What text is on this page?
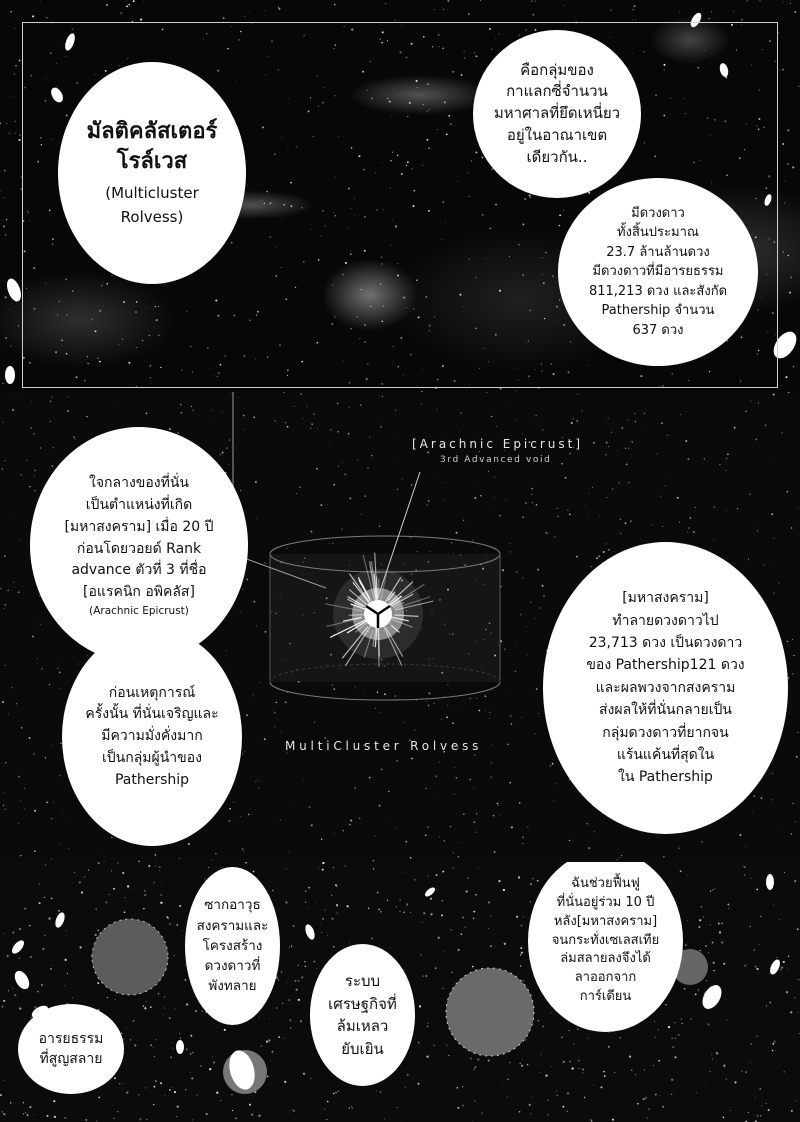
มัลติคลัสเตอร์
โรล์เวส
(Multicluster
Rolvess)
คือกลุ่มของ
กาแลกซี่จำนวน
มหาศาลที่ยึดเหนี่ยว
อยู่ในอาณาเขต
เดียวกัน..
มีดวงดาว
ทั้งสิ้นประมาณ
23.7 ล้านล้านดวง
มีดวงดาวที่มีอารยธรรม
811,213 ดวง และสังกัด
Pathership จำนวน
637 ดวง
[Arachnic Epicrust]
3rd Advanced void
MultiCluster Rolvess
ใจกลางของที่นั่น
เป็นตำแหน่งที่เกิด
[มหาสงคราม] เมื่อ 20 ปี
ก่อนโดยวอยด์ Rank
advance ตัวที่ 3 ที่ชื่อ
[อแรคนิก อพิคลัส]
(Arachnic Epicrust)
ก่อนเหตุการณ์
ครั้งนั้น ที่นั่นเจริญและ
มีความมั่งคั่งมาก
เป็นกลุ่มผู้นำของ
Pathership
[มหาสงคราม]
ทำลายดวงดาวไป
23,713 ดวง เป็นดวงดาว
ของ Pathership121 ดวง
และผลพวงจากสงคราม
ส่งผลให้ที่นั่นกลายเป็น
กลุ่มดวงดาวที่ยากจน
แร้นแค้นที่สุดใน
ใน Pathership
อารยธรรม
ที่สูญสลาย
ซากอาวุธ
สงครามและ
โครงสร้าง
ดวงดาวที่
พังทลาย	ระบบ
เศรษฐกิจที่
ล้มเหลว
ยับเยิน
ฉันช่วยฟื้นฟู
ที่นั่นอยู่ร่วม 10 ปี
หลัง[มหาสงคราม]
จนกระทั่งเซเลสเทีย
ล่มสลายลงจึงได้
ลาออกจาก
การ์เดียน
